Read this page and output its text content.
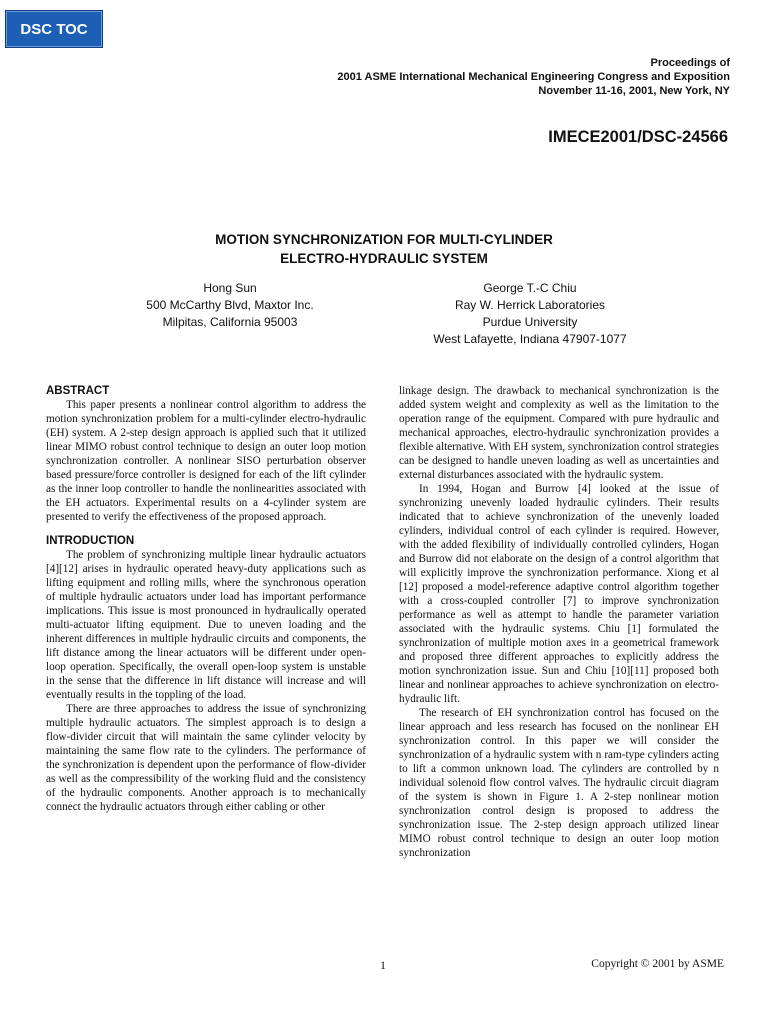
DSC TOC
Proceedings of
2001 ASME International Mechanical Engineering Congress and Exposition
November 11-16, 2001, New York, NY
IMECE2001/DSC-24566
MOTION SYNCHRONIZATION FOR MULTI-CYLINDER
ELECTRO-HYDRAULIC SYSTEM
Hong Sun
500 McCarthy Blvd, Maxtor Inc.
Milpitas, California 95003
George T.-C Chiu
Ray W. Herrick Laboratories
Purdue University
West Lafayette, Indiana 47907-1077
ABSTRACT

This paper presents a nonlinear control algorithm to address the motion synchronization problem for a multi-cylinder electro-hydraulic (EH) system. A 2-step design approach is applied such that it utilized linear MIMO robust control technique to design an outer loop motion synchronization controller. A nonlinear SISO perturbation observer based pressure/force controller is designed for each of the lift cylinder as the inner loop controller to handle the nonlinearities associated with the EH actuators. Experimental results on a 4-cylinder system are presented to verify the effectiveness of the proposed approach.

INTRODUCTION

The problem of synchronizing multiple linear hydraulic actuators [4][12] arises in hydraulic operated heavy-duty applications such as lifting equipment and rolling mills, where the synchronous operation of multiple hydraulic actuators under load has important performance implications. This issue is most pronounced in hydraulically operated multi-actuator lifting equipment. Due to uneven loading and the inherent differences in multiple hydraulic circuits and components, the lift distance among the linear actuators will be different under open-loop operation. Specifically, the overall open-loop system is unstable in the sense that the difference in lift distance will increase and will eventually results in the toppling of the load.

There are three approaches to address the issue of synchronizing multiple hydraulic actuators. The simplest approach is to design a flow-divider circuit that will maintain the same cylinder velocity by maintaining the same flow rate to the cylinders. The performance of the synchronization is dependent upon the performance of flow-divider as well as the compressibility of the working fluid and the consistency of the hydraulic components. Another approach is to mechanically connect the hydraulic actuators through either cabling or other

linkage design. The drawback to mechanical synchronization is the added system weight and complexity as well as the limitation to the operation range of the equipment. Compared with pure hydraulic and mechanical approaches, electro-hydraulic synchronization provides a flexible alternative. With EH system, synchronization control strategies can be designed to handle uneven loading as well as uncertainties and external disturbances associated with the hydraulic system.

In 1994, Hogan and Burrow [4] looked at the issue of synchronizing unevenly loaded hydraulic cylinders. Their results indicated that to achieve synchronization of the unevenly loaded cylinders, individual control of each cylinder is required. However, with the added flexibility of individually controlled cylinders, Hogan and Burrow did not elaborate on the design of a control algorithm that will explicitly improve the synchronization performance. Xiong et al [12] proposed a model-reference adaptive control algorithm together with a cross-coupled controller [7] to improve synchronization performance as well as attempt to handle the parameter variation associated with the hydraulic systems. Chiu [1] formulated the synchronization of multiple motion axes in a geometrical framework and proposed three different approaches to explicitly address the motion synchronization issue. Sun and Chiu [10][11] proposed both linear and nonlinear approaches to achieve synchronization on electro-hydraulic lift.

The research of EH synchronization control has focused on the linear approach and less research has focused on the nonlinear EH synchronization control. In this paper we will consider the synchronization of a hydraulic system with n ram-type cylinders acting to lift a common unknown load. The cylinders are controlled by n individual solenoid flow control valves. The hydraulic circuit diagram of the system is shown in Figure 1. A 2-step nonlinear motion synchronization control design is proposed to address the synchronization issue. The 2-step design approach utilized linear MIMO robust control technique to design an outer loop motion synchronization

1	Copyright © 2001 by ASME
